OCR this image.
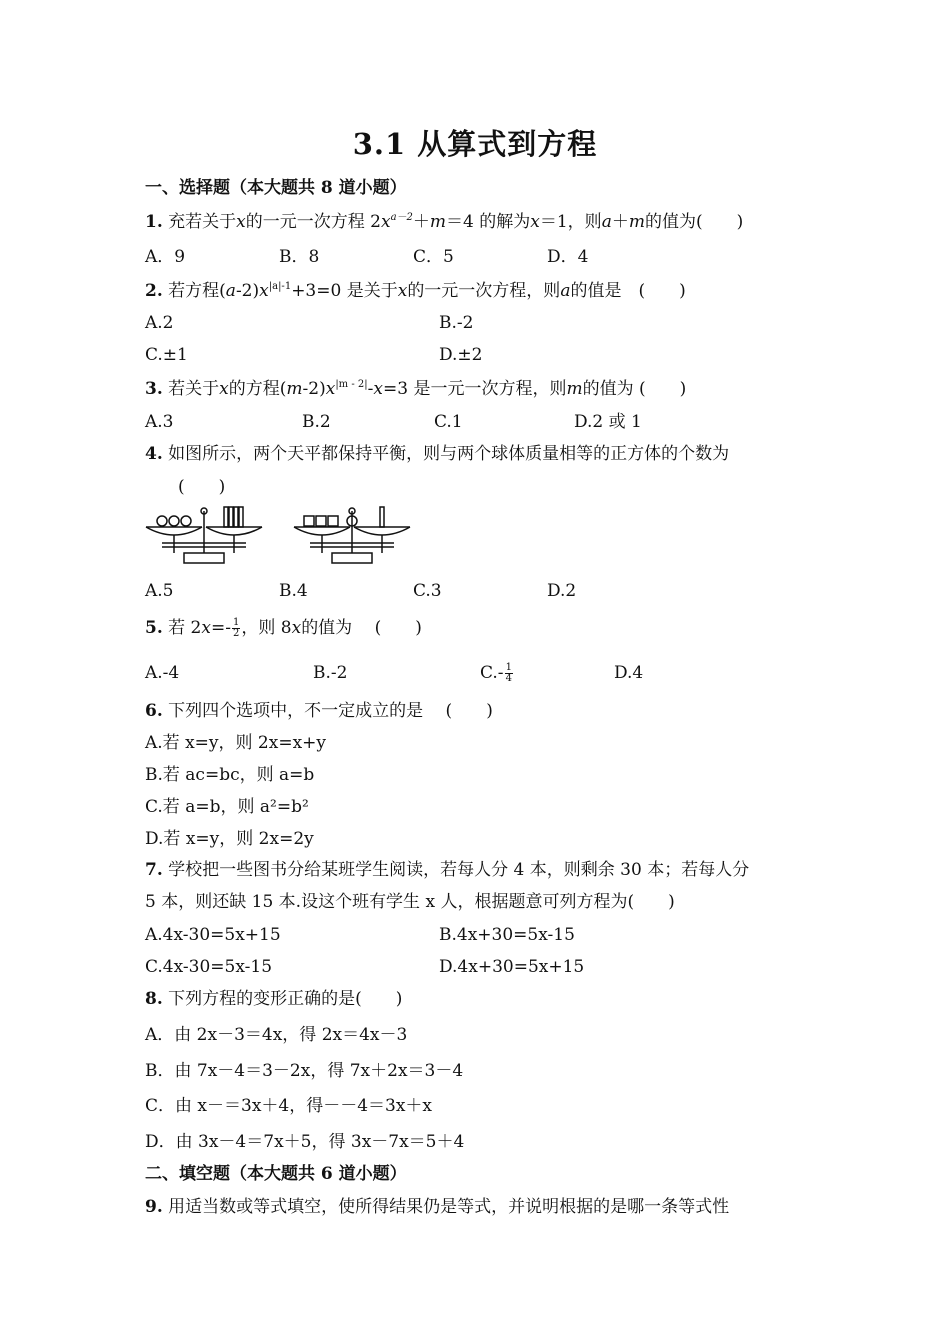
3.1 从算式到方程
一、选择题（本大题共 8 道小题）
1. 充若关于x的一元一次方程 $2x^{a-2}+m=4$ 的解为x＝1，则a＋m的值为(　　)
A．9	B．8	C．5	D．4
2. 若方程$(a-2)x^{|a|-1}+3=0$ 是关于x的一元一次方程，则a的值是　(　　)
A.2	B.-2
C.±1	D.±2
3. 若关于x的方程$(m-2)x^{|m - 2|}-x=3$ 是一元一次方程，则m的值为 (　　)
A.3	B.2	C.1	D.2 或 1
4. 如图所示，两个天平都保持平衡，则与两个球体质量相等的正方体的个数为
(　　)
A.5	B.4	C.3	D.2
5. 若 $2x=- \frac{1}{2}$ ，则 8x的值为　 (　　)
A.-4	B.-2	$C.- \frac{1}{4}$	D.4
6. 下列四个选项中，不一定成立的是　 (　　)
A.若 x=y，则 2x=x+y
B.若 ac=bc，则 a=b
C.若 a=b，则 a²=b²
D.若 x=y，则 2x=2y
7. 学校把一些图书分给某班学生阅读，若每人分 4 本，则剩余 30 本；若每人分
5 本，则还缺 15 本.设这个班有学生 x 人，根据题意可列方程为(　　)
A.4x-30=5x+15	B.4x+30=5x-15
C.4x-30=5x-15	D.4x+30=5x+15
8. 下列方程的变形正确的是(　　)
A．由 2x－3＝4x，得 2x＝4x－3
B．由 7x－4＝3－2x，得 7x＋2x＝3－4
C．由 x－＝3x＋4，得－－4＝3x＋x
D．由 3x－4＝7x＋5，得 3x－7x＝5＋4
二、填空题（本大题共 6 道小题）
9. 用适当数或等式填空，使所得结果仍是等式，并说明根据的是哪一条等式性
